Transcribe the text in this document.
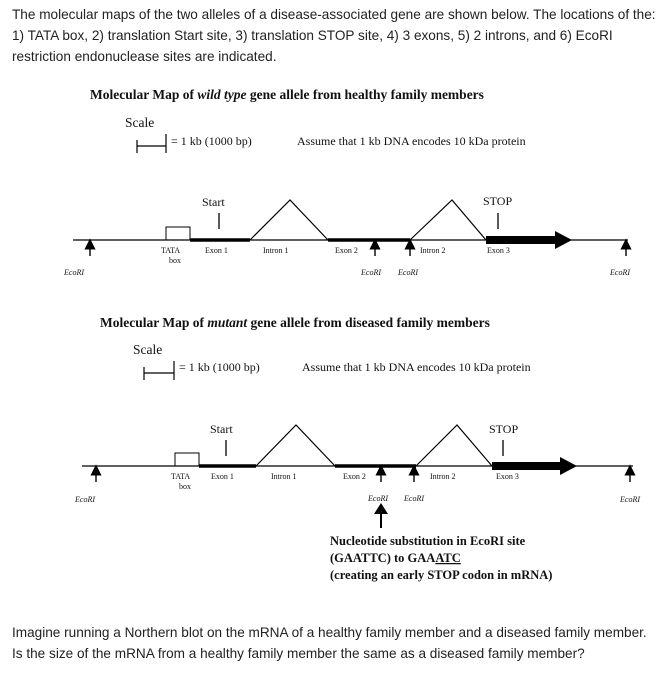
The molecular maps of the two alleles of a disease-associated gene are shown below. The locations of the: 1) TATA box, 2) translation Start site, 3) translation STOP site, 4) 3 exons, 5) 2 introns, and 6) EcoRI restriction endonuclease sites are indicated.
Molecular Map of wild type gene allele from healthy family members
Scale
= 1 kb (1000 bp)	Assume that 1 kb DNA encodes 10 kDa protein
Start	STOP
TATA
box
Exon 1	Intron 1	Exon 2	Intron 2	Exon 3
EcoRI	EcoRI EcoRI	EcoRI
Molecular Map of mutant gene allele from diseased family members
Scale
= 1 kb (1000 bp)	Assume that 1 kb DNA encodes 10 kDa protein
Start	STOP
TATA
box
Exon 1	Intron 1	Exon 2	Intron 2	Exon 3
EcoRI	EcoRI EcoRI	EcoRI
Nucleotide substitution in EcoRI site
(GAATTC) to GAAATC
(creating an early STOP codon in mRNA)
Imagine running a Northern blot on the mRNA of a healthy family member and a diseased family member. Is the size of the mRNA from a healthy family member the same as a diseased family member?
